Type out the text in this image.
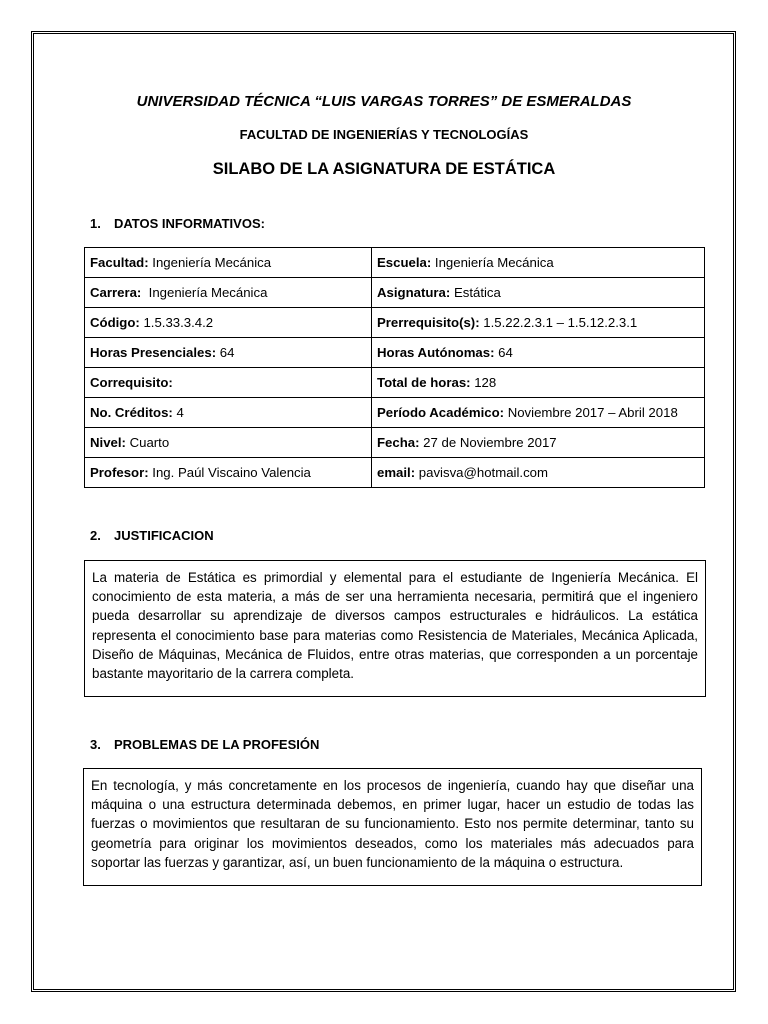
UNIVERSIDAD TÉCNICA “LUIS VARGAS TORRES” DE ESMERALDAS
FACULTAD DE INGENIERÍAS Y TECNOLOGÍAS
SILABO DE LA ASIGNATURA DE ESTÁTICA
1. DATOS INFORMATIVOS:
Facultad: Ingeniería Mecánica	Escuela: Ingeniería Mecánica
Carrera:  Ingeniería Mecánica	Asignatura: Estática
Código: 1.5.33.3.4.2	Prerrequisito(s): 1.5.22.2.3.1 – 1.5.12.2.3.1
Horas Presenciales: 64	Horas Autónomas: 64
Correquisito:	Total de horas: 128
No. Créditos: 4	Período Académico: Noviembre 2017 – Abril 2018
Nivel: Cuarto	Fecha: 27 de Noviembre 2017
Profesor: Ing. Paúl Viscaino Valencia	email: pavisva@hotmail.com
2. JUSTIFICACION
La materia de Estática es primordial y elemental para el estudiante de Ingeniería Mecánica. El conocimiento de esta materia, a más de ser una herramienta necesaria, permitirá que el ingeniero pueda desarrollar su aprendizaje de diversos campos estructurales e hidráulicos. La estática representa el conocimiento base para materias como Resistencia de Materiales, Mecánica Aplicada, Diseño de Máquinas, Mecánica de Fluidos, entre otras materias, que corresponden a un porcentaje bastante mayoritario de la carrera completa.
3. PROBLEMAS DE LA PROFESIÓN
En tecnología, y más concretamente en los procesos de ingeniería, cuando hay que diseñar una máquina o una estructura determinada debemos, en primer lugar, hacer un estudio de todas las fuerzas o movimientos que resultaran de su funcionamiento. Esto nos permite determinar, tanto su geometría para originar los movimientos deseados, como los materiales más adecuados para soportar las fuerzas y garantizar, así, un buen funcionamiento de la máquina o estructura.
